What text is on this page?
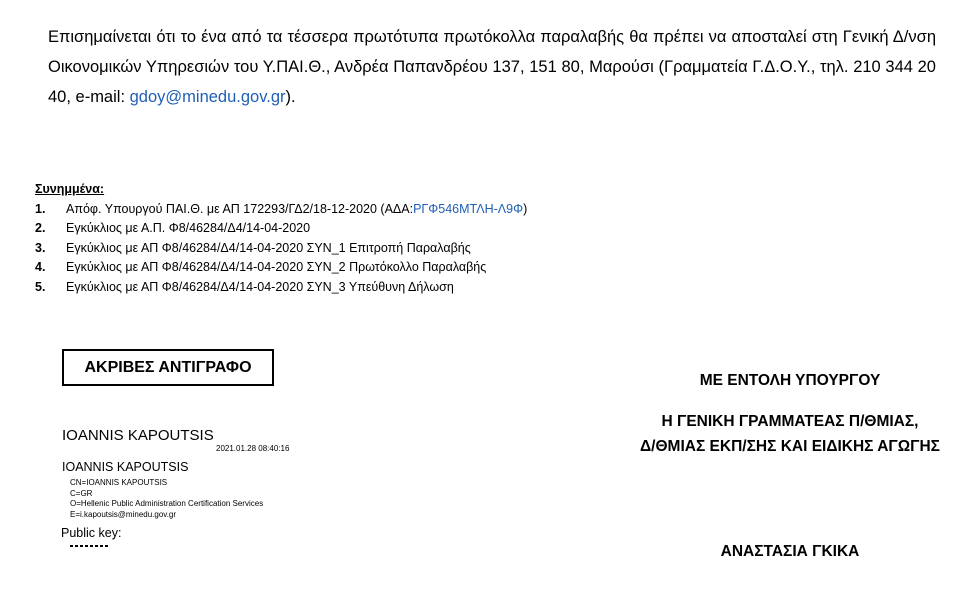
Επισημαίνεται ότι το ένα από τα τέσσερα πρωτότυπα πρωτόκολλα παραλαβής θα πρέπει να αποσταλεί στη Γενική Δ/νση Οικονομικών Υπηρεσιών του Υ.ΠΑΙ.Θ., Ανδρέα Παπανδρέου 137, 151 80, Μαρούσι (Γραμματεία Γ.Δ.Ο.Υ., τηλ. 210 344 20 40, e-mail: gdoy@minedu.gov.gr).
Συνημμένα:
1.	Απόφ. Υπουργού ΠΑΙ.Θ. με ΑΠ 172293/ΓΔ2/18-12-2020 (ΑΔΑ:ΡΓΦ546ΜΤΛΗ-Λ9Φ)
2.	Εγκύκλιος με Α.Π. Φ8/46284/Δ4/14-04-2020
3.	Εγκύκλιος με ΑΠ Φ8/46284/Δ4/14-04-2020 ΣΥΝ_1 Επιτροπή Παραλαβής
4.	Εγκύκλιος με ΑΠ Φ8/46284/Δ4/14-04-2020 ΣΥΝ_2 Πρωτόκολλο Παραλαβής
5.	Εγκύκλιος με ΑΠ Φ8/46284/Δ4/14-04-2020 ΣΥΝ_3 Υπεύθυνη Δήλωση
ΑΚΡΙΒΕΣ ΑΝΤΙΓΡΑΦΟ
IOANNIS KAPOUTSIS
2021.01.28 08:40:16
IOANNIS KAPOUTSIS
CN=IOANNIS KAPOUTSIS
C=GR
O=Hellenic Public Administration Certification Services
E=i.kapoutsis@minedu.gov.gr
Public key:
ΜΕ ΕΝΤΟΛΗ ΥΠΟΥΡΓΟΥ
Η ΓΕΝΙΚΗ ΓΡΑΜΜΑΤΕΑΣ Π/ΘΜΙΑΣ,
Δ/ΘΜΙΑΣ ΕΚΠ/ΣΗΣ ΚΑΙ ΕΙΔΙΚΗΣ ΑΓΩΓΗΣ
ΑΝΑΣΤΑΣΙΑ ΓΚΙΚΑ
